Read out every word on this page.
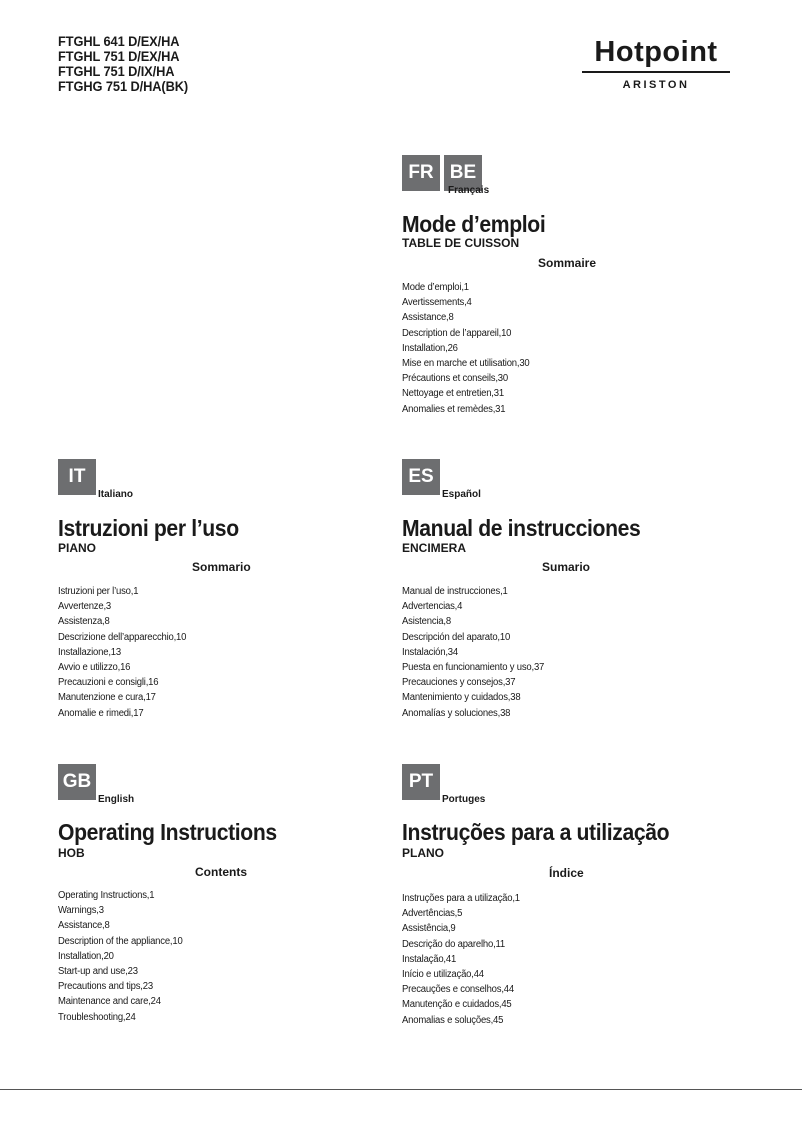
FTGHL 641 D/EX/HA
FTGHL 751 D/EX/HA
FTGHL 751 D/IX/HA
FTGHG 751 D/HA(BK)
Hotpoint
ARISTON
FR BE
Français
Mode d’emploi
TABLE DE CUISSON
Sommaire
Mode d’emploi,1
Avertissements,4
Assistance,8
Description de l’appareil,10
Installation,26
Mise en marche et utilisation,30
Précautions et conseils,30
Nettoyage et entretien,31
Anomalies et remèdes,31
IT
Italiano
Istruzioni per l’uso
PIANO
Sommario
Istruzioni per l’uso,1
Avvertenze,3
Assistenza,8
Descrizione dell’apparecchio,10
Installazione,13
Avvio e utilizzo,16
Precauzioni e consigli,16
Manutenzione e cura,17
Anomalie e rimedi,17
ES
Español
Manual de instrucciones
ENCIMERA
Sumario
Manual de instrucciones,1
Advertencias,4
Asistencia,8
Descripción del aparato,10
Instalación,34
Puesta en funcionamiento y uso,37
Precauciones y consejos,37
Mantenimiento y cuidados,38
Anomalías y soluciones,38
GB
English
Operating Instructions
HOB
Contents
Operating Instructions,1
Warnings,3
Assistance,8
Description of the appliance,10
Installation,20
Start-up and use,23
Precautions and tips,23
Maintenance and care,24
Troubleshooting,24
PT
Portuges
Instruções para a utilização
PLANO
Índice
Instruções para a utilização,1
Advertências,5
Assistência,9
Descrição do aparelho,11
Instalação,41
Início e utilização,44
Precauções e conselhos,44
Manutenção e cuidados,45
Anomalias e soluções,45
